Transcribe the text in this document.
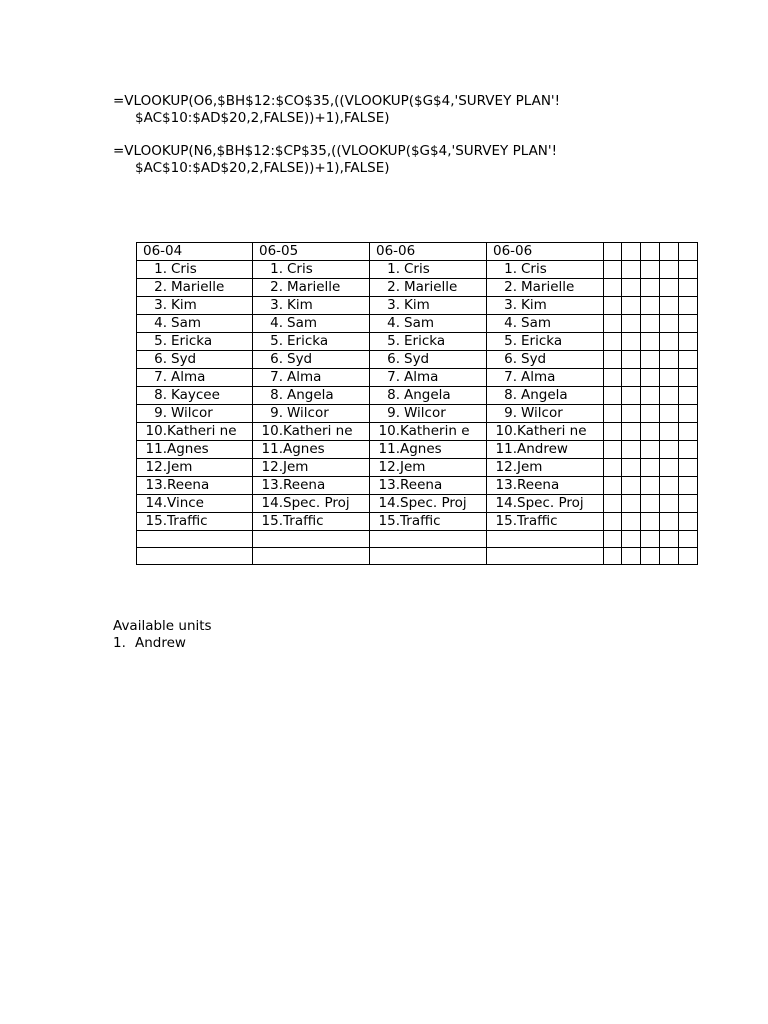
=VLOOKUP(O6,$BH$12:$CO$35,((VLOOKUP($G$4,'SURVEY PLAN'!
$AC$10:$AD$20,2,FALSE))+1),FALSE)
=VLOOKUP(N6,$BH$12:$CP$35,((VLOOKUP($G$4,'SURVEY PLAN'!
$AC$10:$AD$20,2,FALSE))+1),FALSE)
06-04	06-05	06-06	06-06					

1. Cris	1. Cris	1. Cris	1. Cris					

2. Marielle	2. Marielle	2. Marielle	2. Marielle					

3. Kim	3. Kim	3. Kim	3. Kim					

4. Sam	4. Sam	4. Sam	4. Sam					

5. Ericka	5. Ericka	5. Ericka	5. Ericka					

6. Syd	6. Syd	6. Syd	6. Syd					

7. Alma	7. Alma	7. Alma	7. Alma					

8. Kaycee	8. Angela	8. Angela	8. Angela					

9. Wilcor	9. Wilcor	9. Wilcor	9. Wilcor					

10. Katheri ne	10. Katheri ne	10. Katherin e	10. Katheri ne					

11. Agnes	11. Agnes	11. Agnes	11. Andrew					

12. Jem	12. Jem	12. Jem	12. Jem					

13. Reena	13. Reena	13. Reena	13. Reena					

14. Vince	14. Spec. Proj	14. Spec. Proj	14. Spec. Proj					

15. Traffic	15. Traffic	15. Traffic	15. Traffic					

Available units
1. Andrew
